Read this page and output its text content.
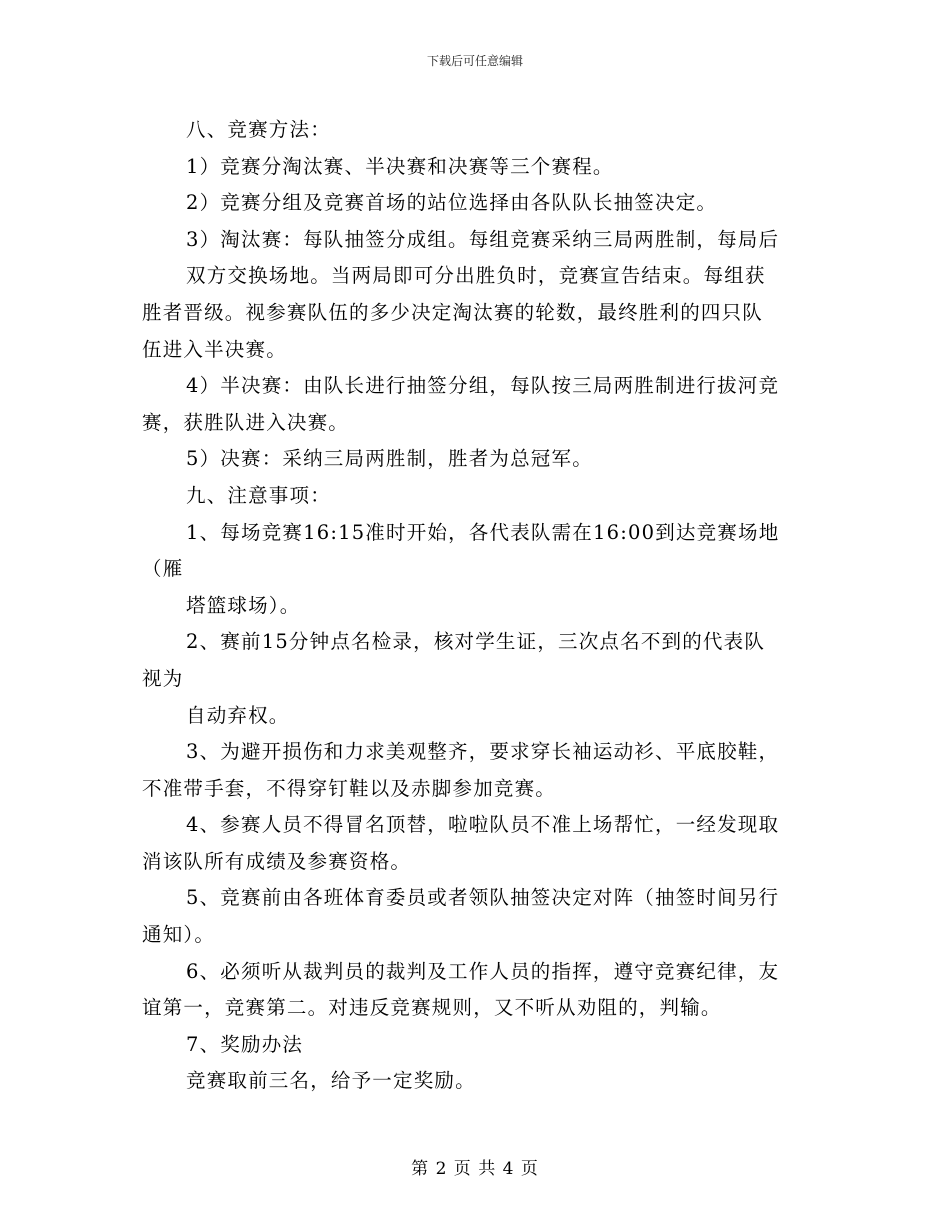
下载后可任意编辑

八、竞赛方法：

1）竞赛分淘汰赛、半决赛和决赛等三个赛程。

2）竞赛分组及竞赛首场的站位选择由各队队长抽签决定。

3）淘汰赛：每队抽签分成组。每组竞赛采纳三局两胜制，每局后

双方交换场地。当两局即可分出胜负时，竞赛宣告结束。每组获

胜者晋级。视参赛队伍的多少决定淘汰赛的轮数，最终胜利的四只队

伍进入半决赛。

4）半决赛：由队长进行抽签分组，每队按三局两胜制进行拔河竞

赛，获胜队进入决赛。

5）决赛：采纳三局两胜制，胜者为总冠军。

九、注意事项：

1、每场竞赛16:15准时开始，各代表队需在16:00到达竞赛场地

（雁

塔篮球场）。

2、赛前15分钟点名检录，核对学生证，三次点名不到的代表队

视为

自动弃权。

3、为避开损伤和力求美观整齐，要求穿长袖运动衫、平底胶鞋，

不准带手套，不得穿钉鞋以及赤脚参加竞赛。

4、参赛人员不得冒名顶替，啦啦队员不准上场帮忙，一经发现取

消该队所有成绩及参赛资格。

5、竞赛前由各班体育委员或者领队抽签决定对阵（抽签时间另行

通知）。

6、必须听从裁判员的裁判及工作人员的指挥，遵守竞赛纪律，友

谊第一，竞赛第二。对违反竞赛规则，又不听从劝阻的，判输。

7、奖励办法

竞赛取前三名，给予一定奖励。

第 2 页 共 4 页
